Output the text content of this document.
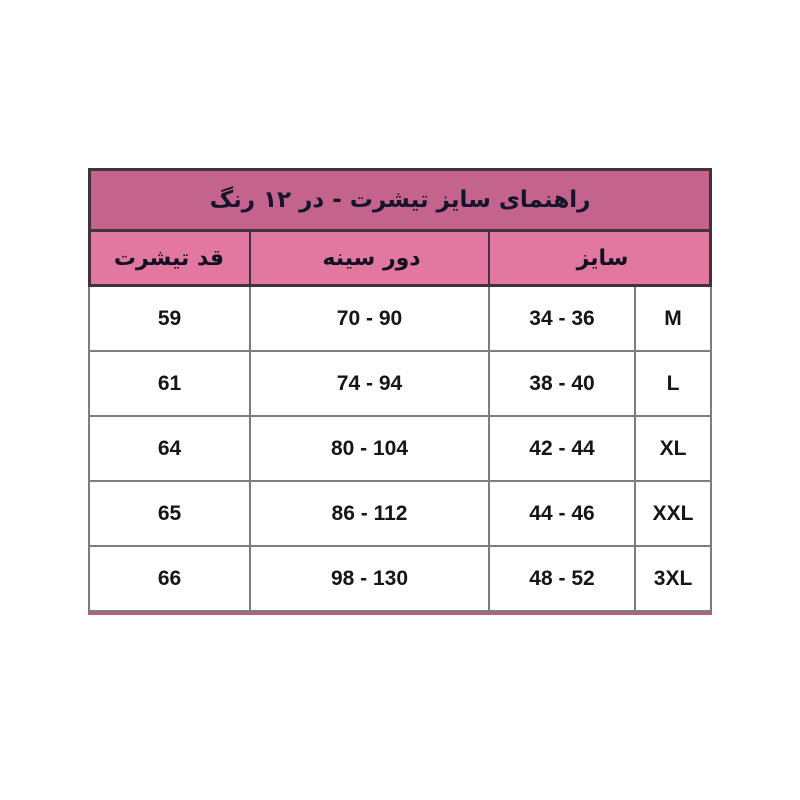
راهنمای سایز تیشرت - در ۱۲ رنگ			
قد تیشرت	دور سینه	سایز	
59	70 - 90	34 - 36	M
61	74 - 94	38 - 40	L
64	80 - 104	42 - 44	XL
65	86 - 112	44 - 46	XXL
66	98 - 130	48 - 52	3XL
